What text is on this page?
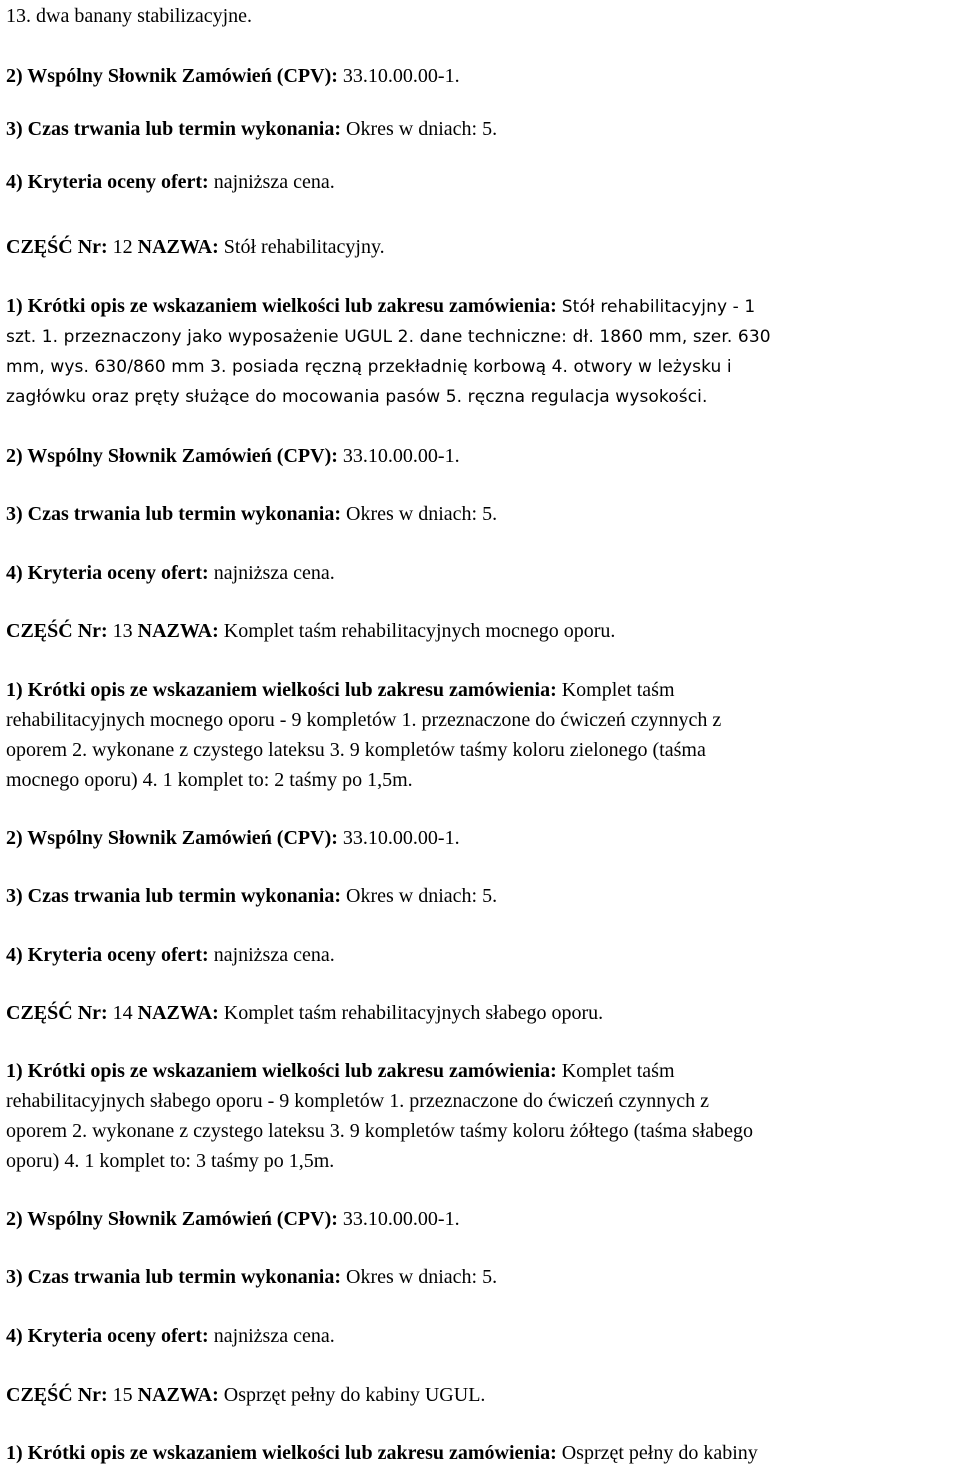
13. dwa banany stabilizacyjne.

2) Wspólny Słownik Zamówień (CPV): 33.10.00.00-1.

3) Czas trwania lub termin wykonania: Okres w dniach: 5.

4) Kryteria oceny ofert: najniższa cena.

CZĘŚĆ Nr: 12 NAZWA: Stół rehabilitacyjny.

1) Krótki opis ze wskazaniem wielkości lub zakresu zamówienia: Stół rehabilitacyjny - 1

szt. 1. przeznaczony jako wyposażenie UGUL 2. dane techniczne: dł. 1860 mm, szer. 630

mm, wys. 630/860 mm 3. posiada ręczną przekładnię korbową 4. otwory w leżysku i

zagłówku oraz pręty służące do mocowania pasów 5. ręczna regulacja wysokości.

2) Wspólny Słownik Zamówień (CPV): 33.10.00.00-1.

3) Czas trwania lub termin wykonania: Okres w dniach: 5.

4) Kryteria oceny ofert: najniższa cena.

CZĘŚĆ Nr: 13 NAZWA: Komplet taśm rehabilitacyjnych mocnego oporu.

1) Krótki opis ze wskazaniem wielkości lub zakresu zamówienia: Komplet taśm

rehabilitacyjnych mocnego oporu - 9 kompletów 1. przeznaczone do ćwiczeń czynnych z

oporem 2. wykonane z czystego lateksu 3. 9 kompletów taśmy koloru zielonego (taśma

mocnego oporu) 4. 1 komplet to: 2 taśmy po 1,5m.

2) Wspólny Słownik Zamówień (CPV): 33.10.00.00-1.

3) Czas trwania lub termin wykonania: Okres w dniach: 5.

4) Kryteria oceny ofert: najniższa cena.

CZĘŚĆ Nr: 14 NAZWA: Komplet taśm rehabilitacyjnych słabego oporu.

1) Krótki opis ze wskazaniem wielkości lub zakresu zamówienia: Komplet taśm

rehabilitacyjnych słabego oporu - 9 kompletów 1. przeznaczone do ćwiczeń czynnych z

oporem 2. wykonane z czystego lateksu 3. 9 kompletów taśmy koloru żółtego (taśma słabego

oporu) 4. 1 komplet to: 3 taśmy po 1,5m.

2) Wspólny Słownik Zamówień (CPV): 33.10.00.00-1.

3) Czas trwania lub termin wykonania: Okres w dniach: 5.

4) Kryteria oceny ofert: najniższa cena.

CZĘŚĆ Nr: 15 NAZWA: Osprzęt pełny do kabiny UGUL.

1) Krótki opis ze wskazaniem wielkości lub zakresu zamówienia: Osprzęt pełny do kabiny
